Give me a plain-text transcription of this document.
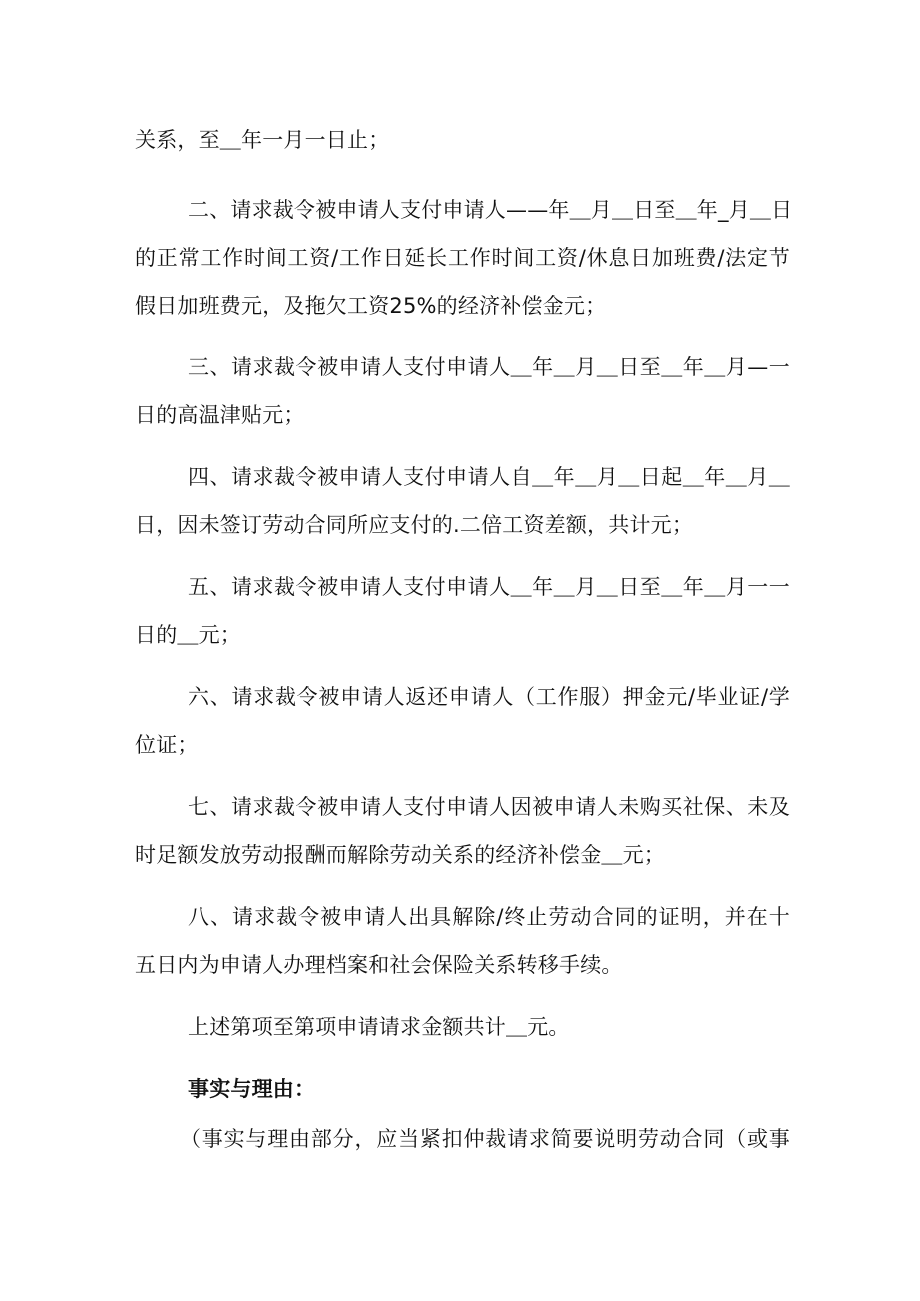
关系，至＿年一月一日止；
二、请求裁令被申请人支付申请人——年＿月＿日至＿年_月＿日
的正常工作时间工资/工作日延长工作时间工资/休息日加班费/法定节
假日加班费元，及拖欠工资25%的经济补偿金元；
三、请求裁令被申请人支付申请人＿年＿月＿日至＿年＿月—一
日的高温津贴元；
四、请求裁令被申请人支付申请人自＿年＿月＿日起＿年＿月＿
日，因未签订劳动合同所应支付的.二倍工资差额，共计元；
五、请求裁令被申请人支付申请人＿年＿月＿日至＿年＿月一一
日的＿元；
六、请求裁令被申请人返还申请人（工作服）押金元/毕业证/学
位证；
七、请求裁令被申请人支付申请人因被申请人未购买社保、未及
时足额发放劳动报酬而解除劳动关系的经济补偿金＿元；
八、请求裁令被申请人出具解除/终止劳动合同的证明，并在十
五日内为申请人办理档案和社会保险关系转移手续。
上述第项至第项申请请求金额共计＿元。
事实与理由：
（事实与理由部分，应当紧扣仲裁请求简要说明劳动合同（或事
